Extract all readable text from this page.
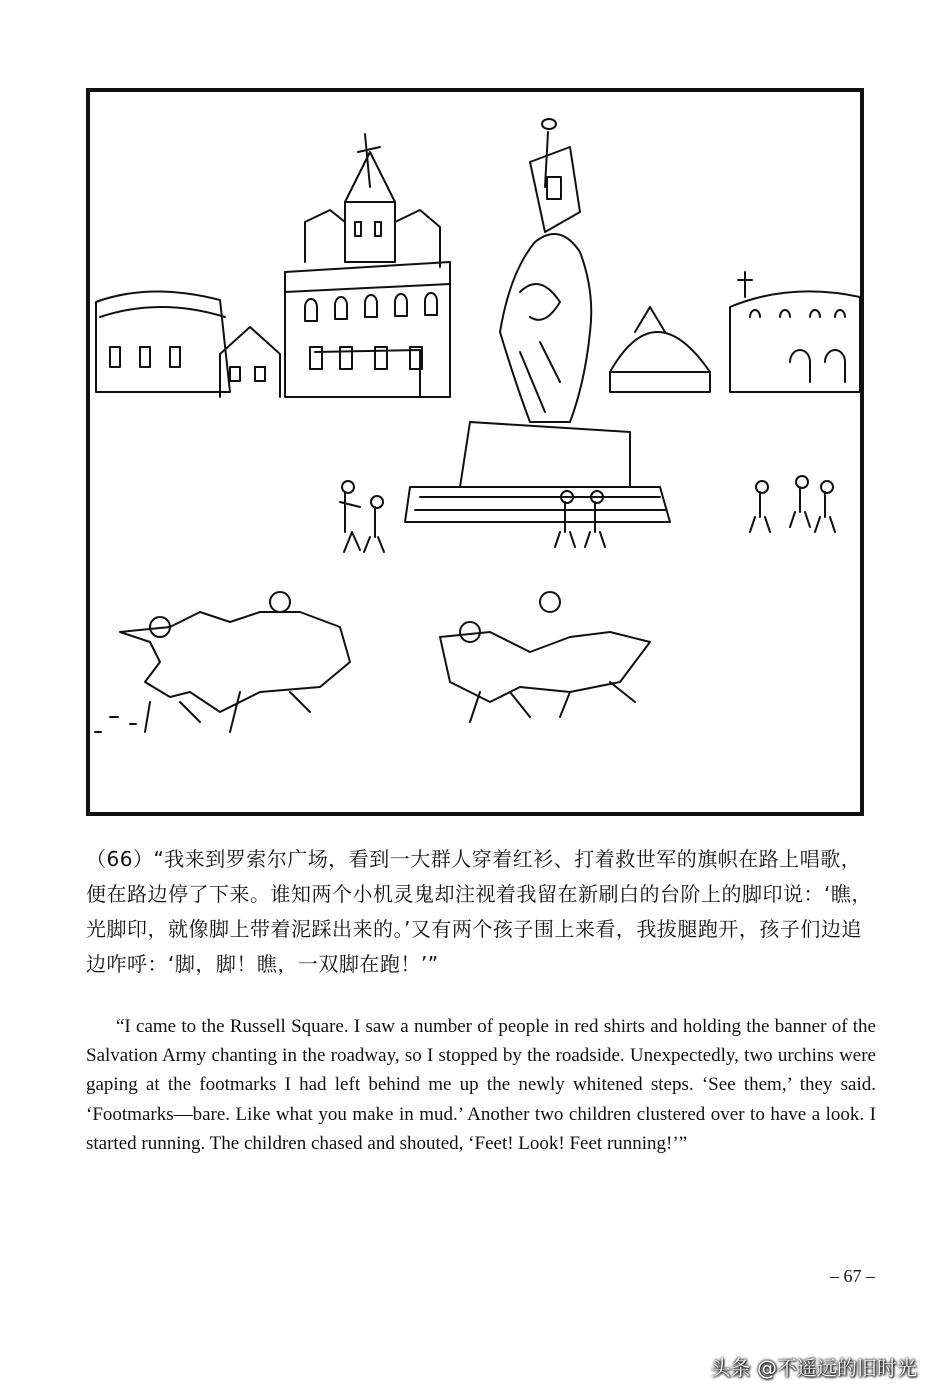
（66）“我来到罗索尔广场，看到一大群人穿着红衫、打着救世军的旗帜在路上唱歌，便在路边停了下来。谁知两个小机灵鬼却注视着我留在新刷白的台阶上的脚印说：‘瞧，光脚印，就像脚上带着泥踩出来的。’又有两个孩子围上来看，我拔腿跑开，孩子们边追边咋呼：‘脚，脚！瞧，一双脚在跑！’”

“I came to the Russell Square. I saw a number of people in red shirts and holding the banner of the Salvation Army chanting in the roadway, so I stopped by the roadside. Unexpectedly, two urchins were gaping at the footmarks I had left behind me up the newly whitened steps. ‘See them,’ they said. ‘Footmarks—bare. Like what you make in mud.’ Another two children clustered over to have a look. I started running. The children chased and shouted, ‘Feet! Look! Feet running!’”

– 67 –
头条 @不遥远的旧时光
